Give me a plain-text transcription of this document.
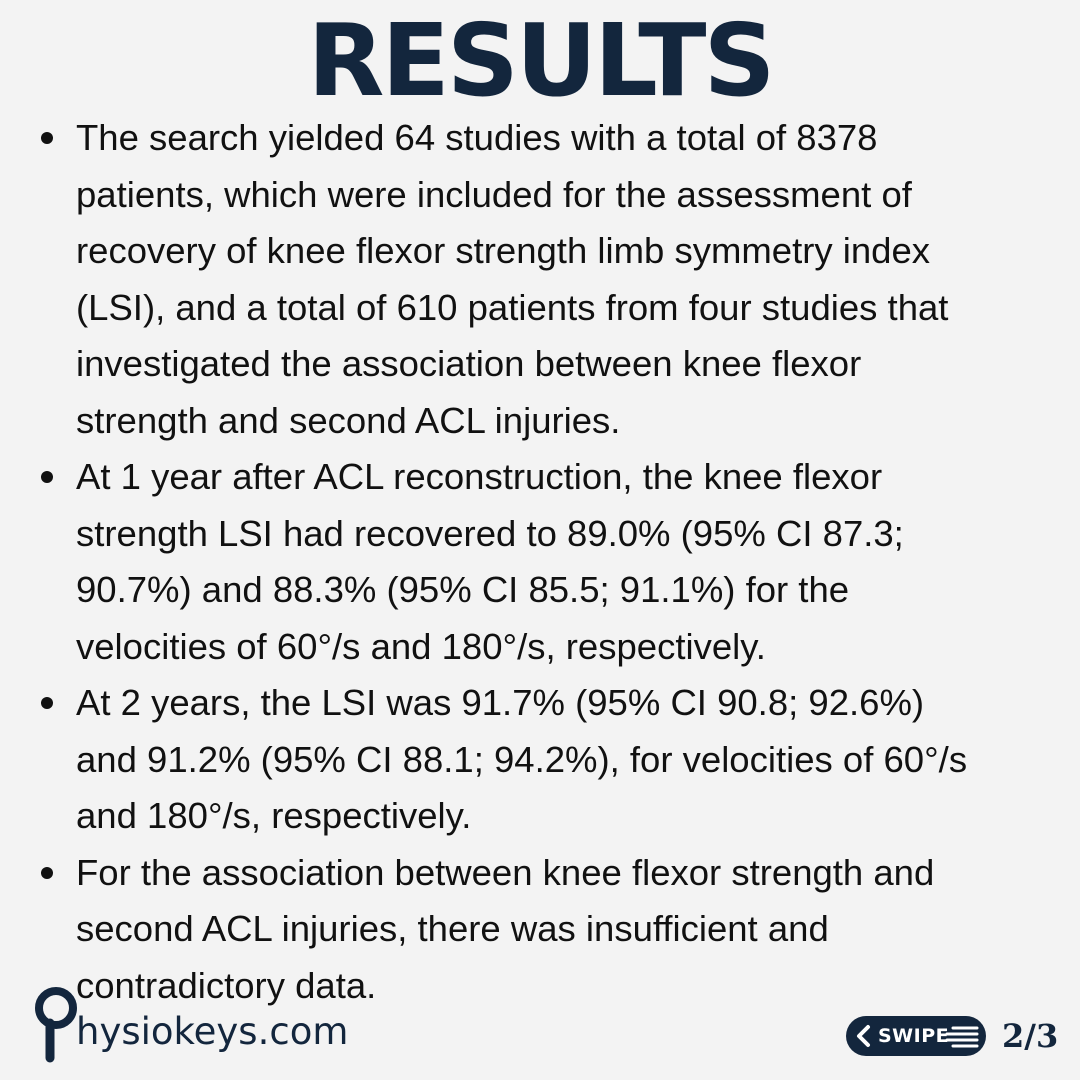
RESULTS
The search yielded 64 studies with a total of 8378
patients, which were included for the assessment of
recovery of knee flexor strength limb symmetry index
(LSI), and a total of 610 patients from four studies that
investigated the association between knee flexor
strength and second ACL injuries.
At 1 year after ACL reconstruction, the knee flexor
strength LSI had recovered to 89.0% (95% CI 87.3;
90.7%) and 88.3% (95% CI 85.5; 91.1%) for the
velocities of 60°/s and 180°/s, respectively.
At 2 years, the LSI was 91.7% (95% CI 90.8; 92.6%)
and 91.2% (95% CI 88.1; 94.2%), for velocities of 60°/s
and 180°/s, respectively.
For the association between knee flexor strength and
second ACL injuries, there was insufficient and
contradictory data.
hysiokeys.com	SWIPE 2/3
